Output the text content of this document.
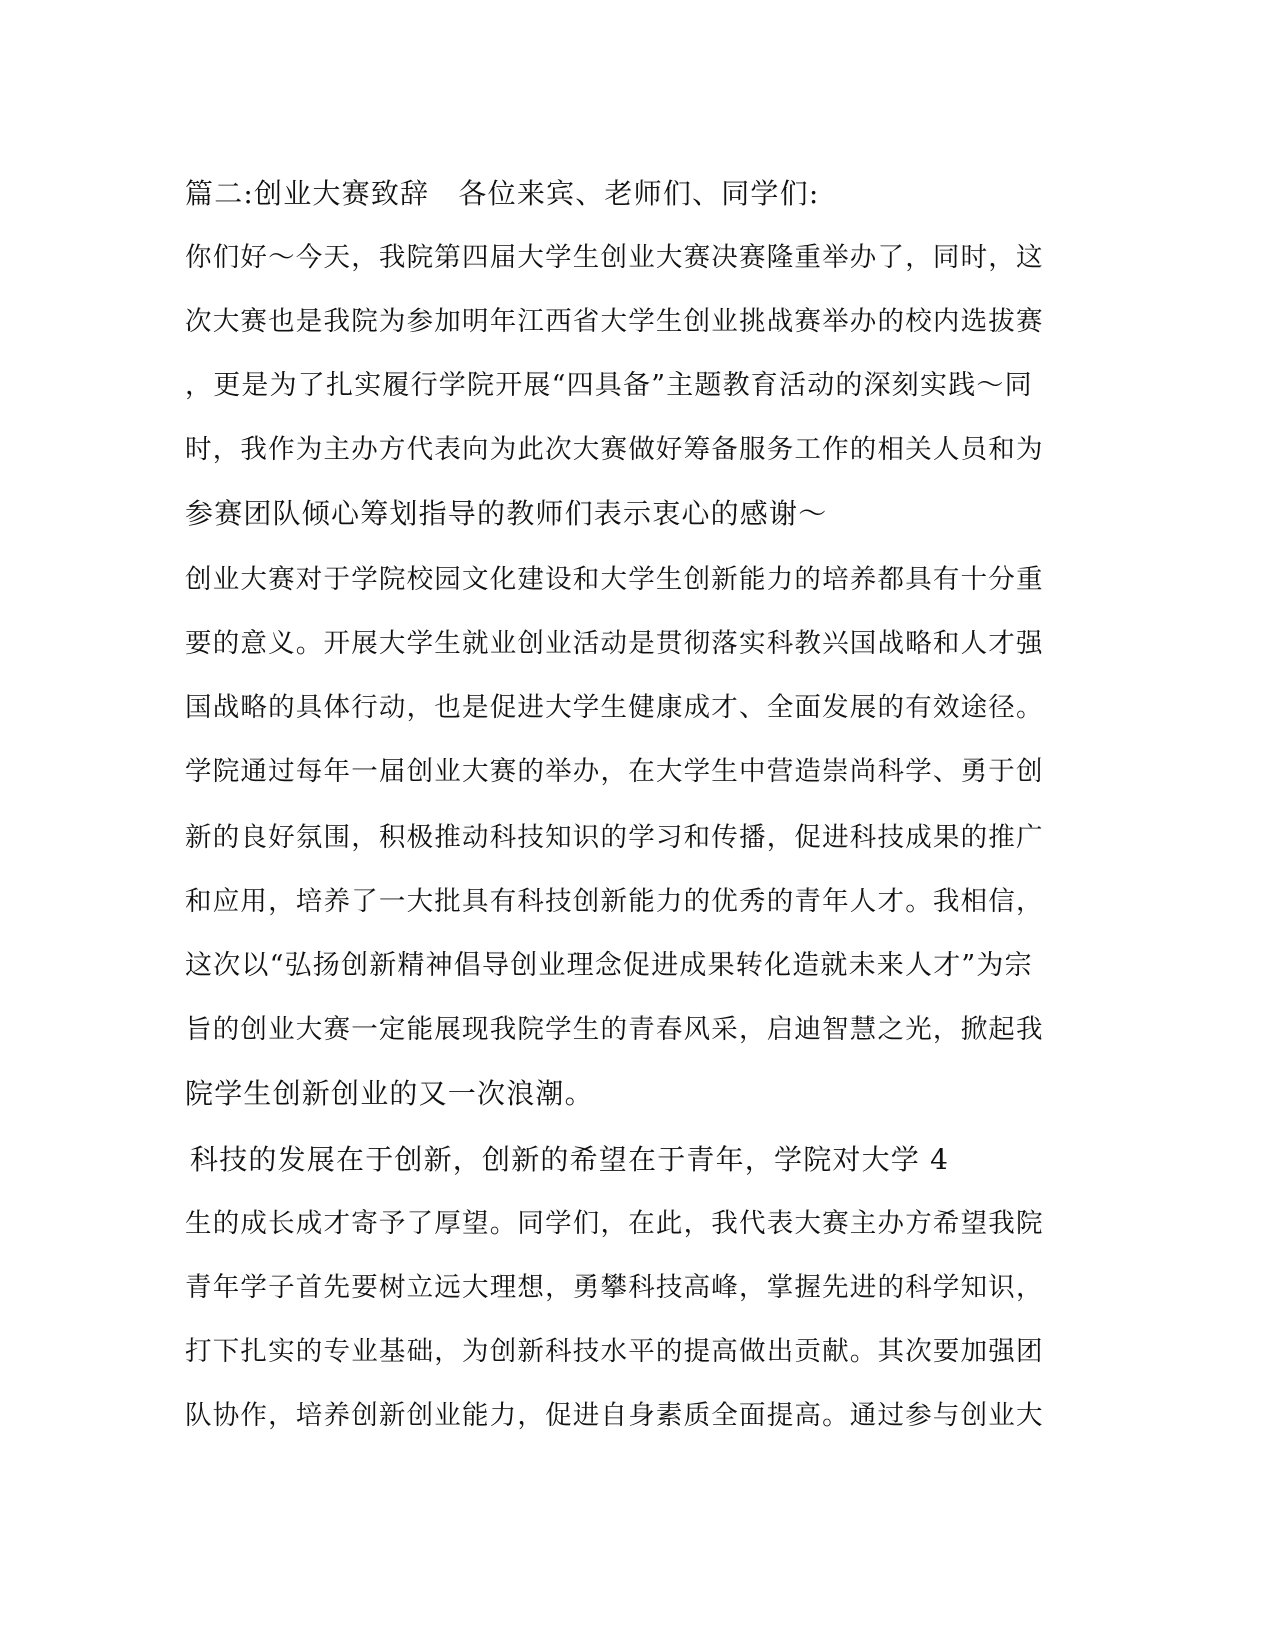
篇二:创业大赛致辞　各位来宾、老师们、同学们:
你们好～今天，我院第四届大学生创业大赛决赛隆重举办了，同时，这
次大赛也是我院为参加明年江西省大学生创业挑战赛举办的校内选拔赛
，更是为了扎实履行学院开展“四具备”主题教育活动的深刻实践～同
时，我作为主办方代表向为此次大赛做好筹备服务工作的相关人员和为
参赛团队倾心筹划指导的教师们表示衷心的感谢～
创业大赛对于学院校园文化建设和大学生创新能力的培养都具有十分重
要的意义。开展大学生就业创业活动是贯彻落实科教兴国战略和人才强
国战略的具体行动，也是促进大学生健康成才、全面发展的有效途径。
学院通过每年一届创业大赛的举办，在大学生中营造崇尚科学、勇于创
新的良好氛围，积极推动科技知识的学习和传播，促进科技成果的推广
和应用，培养了一大批具有科技创新能力的优秀的青年人才。我相信，
这次以“弘扬创新精神倡导创业理念促进成果转化造就未来人才”为宗
旨的创业大赛一定能展现我院学生的青春风采，启迪智慧之光，掀起我
院学生创新创业的又一次浪潮。
科技的发展在于创新，创新的希望在于青年，学院对大学 4
生的成长成才寄予了厚望。同学们，在此，我代表大赛主办方希望我院
青年学子首先要树立远大理想，勇攀科技高峰，掌握先进的科学知识，
打下扎实的专业基础，为创新科技水平的提高做出贡献。其次要加强团
队协作，培养创新创业能力，促进自身素质全面提高。通过参与创业大
